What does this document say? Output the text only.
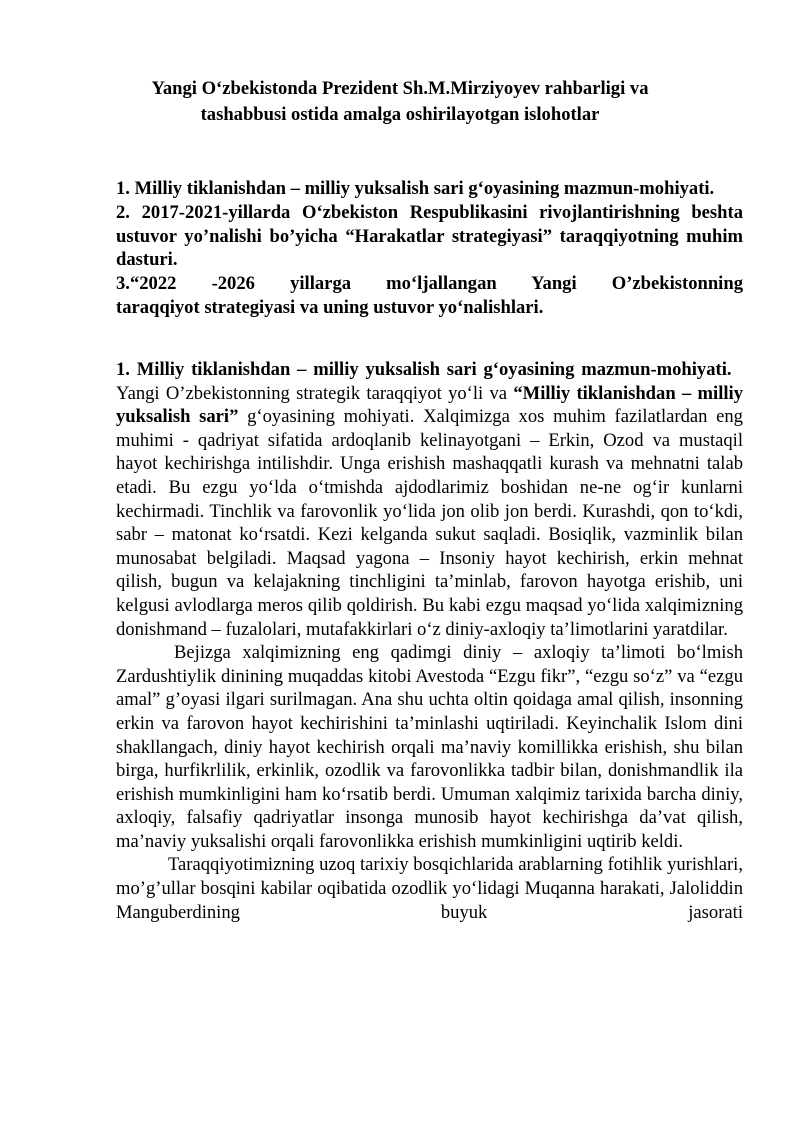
Yangi O‘zbekistonda Prezident Sh.M.Mirziyoyev rahbarligi va
tashabbusi ostida amalga oshirilayotgan islohotlar

1. Milliy tiklanishdan – milliy yuksalish sari g‘oyasining mazmun-mohiyati.

2. 2017-2021-yillarda O‘zbekiston Respublikasini rivojlantirishning beshta ustuvor yo’nalishi bo’yicha “Harakatlar strategiyasi” taraqqiyotning muhim dasturi.

3.“2022 -2026 yillarga mo‘ljallangan Yangi O’zbekistonning

taraqqiyot strategiyasi va uning ustuvor yo‘nalishlari.

1. Milliy tiklanishdan – milliy yuksalish sari g‘oyasining mazmun-mohiyati.   Yangi O’zbekistonning strategik taraqqiyot yo‘li va “Milliy tiklanishdan – milliy yuksalish sari” g‘oyasining mohiyati. Xalqimizga xos muhim fazilatlardan eng muhimi - qadriyat sifatida ardoqlanib kelinayotgani – Erkin, Ozod va mustaqil hayot kechirishga intilishdir. Unga erishish mashaqqatli kurash va mehnatni talab etadi. Bu ezgu yo‘lda o‘tmishda ajdodlarimiz boshidan ne-ne og‘ir kunlarni kechirmadi. Tinchlik va farovonlik yo‘lida jon olib jon berdi. Kurashdi, qon to‘kdi, sabr – matonat ko‘rsatdi. Kezi kelganda sukut saqladi. Bosiqlik, vazminlik bilan munosabat belgiladi. Maqsad yagona – Insoniy hayot kechirish, erkin mehnat qilish, bugun va kelajakning tinchligini ta’minlab, farovon hayotga erishib, uni kelgusi avlodlarga meros qilib qoldirish. Bu kabi ezgu maqsad yo‘lida xalqimizning donishmand – fuzalolari, mutafakkirlari o‘z diniy-axloqiy ta’limotlarini yaratdilar.

Bejizga xalqimizning eng qadimgi diniy – axloqiy ta’limoti bo‘lmish Zardushtiylik dinining muqaddas kitobi Avestoda “Ezgu fikr”, “ezgu so‘z” va “ezgu amal” g’oyasi ilgari surilmagan. Ana shu uchta oltin qoidaga amal qilish, insonning erkin va farovon hayot kechirishini ta’minlashi uqtiriladi. Keyinchalik Islom dini shakllangach, diniy hayot kechirish orqali ma’naviy komillikka erishish, shu bilan birga, hurfikrlilik, erkinlik, ozodlik va farovonlikka tadbir bilan, donishmandlik ila erishish mumkinligini ham ko‘rsatib berdi. Umuman xalqimiz tarixida barcha diniy, axloqiy, falsafiy qadriyatlar insonga munosib hayot kechirishga da’vat qilish, ma’naviy yuksalishi orqali farovonlikka erishish mumkinligini uqtirib keldi.

Taraqqiyotimizning uzoq tarixiy bosqichlarida arablarning fotihlik yurishlari, mo’g’ullar bosqini kabilar oqibatida ozodlik yo‘lidagi Muqanna harakati, Jaloliddin Manguberdining buyuk jasorati
